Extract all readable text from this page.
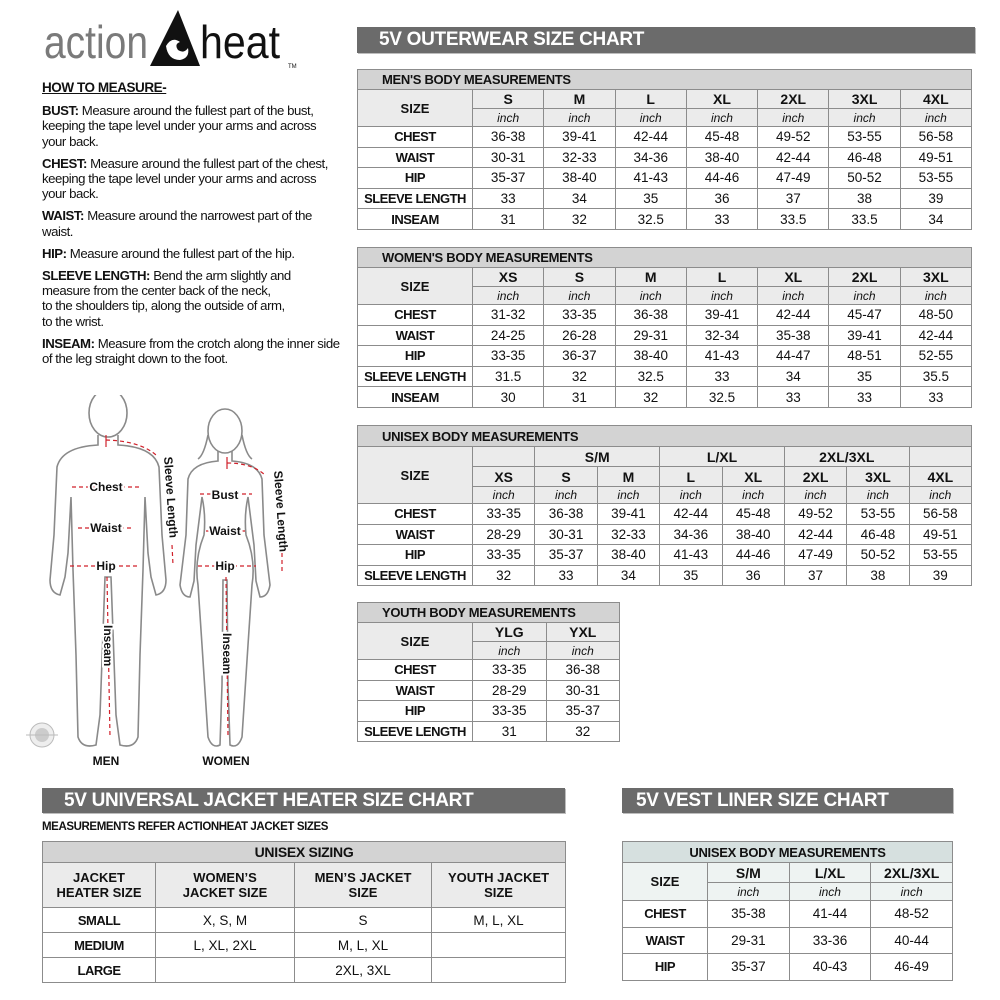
action heat TM
HOW TO MEASURE-

BUST: Measure around the fullest part of the bust, keeping the tape level under your arms and across your back.

CHEST: Measure around the fullest part of the chest, keeping the tape level under your arms and across your back.

WAIST: Measure around the narrowest part of the waist.

HIP: Measure around the fullest part of the hip.

SLEEVE LENGTH: Bend the arm slightly and measure from the center back of the neck,
to the shoulders tip, along the outside of arm,
to the wrist.

INSEAM: Measure from the crotch along the inner side of the leg straight down to the foot.

Chest
Waist
Hip
Inseam
Sleeve Length	Bust
Waist
Hip
Inseam
Sleeve Length
MEN	WOMEN
5V OUTERWEAR SIZE CHART
MEN'S BODY MEASUREMENTS							
SIZE	S	M	L	XL	2XL	3XL	4XL
	inch	inch	inch	inch	inch	inch	inch
CHEST	36-38	39-41	42-44	45-48	49-52	53-55	56-58
WAIST	30-31	32-33	34-36	38-40	42-44	46-48	49-51
HIP	35-37	38-40	41-43	44-46	47-49	50-52	53-55
SLEEVE LENGTH	33	34	35	36	37	38	39
INSEAM	31	32	32.5	33	33.5	33.5	34
WOMEN'S BODY MEASUREMENTS							
SIZE	XS	S	M	L	XL	2XL	3XL
	inch	inch	inch	inch	inch	inch	inch
CHEST	31-32	33-35	36-38	39-41	42-44	45-47	48-50
WAIST	24-25	26-28	29-31	32-34	35-38	39-41	42-44
HIP	33-35	36-37	38-40	41-43	44-47	48-51	52-55
SLEEVE LENGTH	31.5	32	32.5	33	34	35	35.5
INSEAM	30	31	32	32.5	33	33	33
UNISEX BODY MEASUREMENTS								
SIZE		S/M		L/XL		2XL/3XL		
	XS	S	M	L	XL	2XL	3XL	4XL
	inch	inch	inch	inch	inch	inch	inch	inch
CHEST	33-35	36-38	39-41	42-44	45-48	49-52	53-55	56-58
WAIST	28-29	30-31	32-33	34-36	38-40	42-44	46-48	49-51
HIP	33-35	35-37	38-40	41-43	44-46	47-49	50-52	53-55
SLEEVE LENGTH	32	33	34	35	36	37	38	39
YOUTH BODY MEASUREMENTS		
SIZE	YLG	YXL
	inch	inch
CHEST	33-35	36-38
WAIST	28-29	30-31
HIP	33-35	35-37
SLEEVE LENGTH	31	32
5V UNIVERSAL JACKET HEATER SIZE CHART
MEASUREMENTS REFER ACTIONHEAT JACKET SIZES
UNISEX SIZING			
JACKET HEATER SIZE	WOMEN’S JACKET SIZE	MEN’S JACKET SIZE	YOUTH JACKET SIZE
SMALL	X, S, M	S	M, L, XL
MEDIUM	L, XL, 2XL	M, L, XL	
LARGE		2XL, 3XL	
5V VEST LINER SIZE CHART
UNISEX BODY MEASUREMENTS			
SIZE	S/M	L/XL	2XL/3XL
	inch	inch	inch
CHEST	35-38	41-44	48-52
WAIST	29-31	33-36	40-44
HIP	35-37	40-43	46-49
